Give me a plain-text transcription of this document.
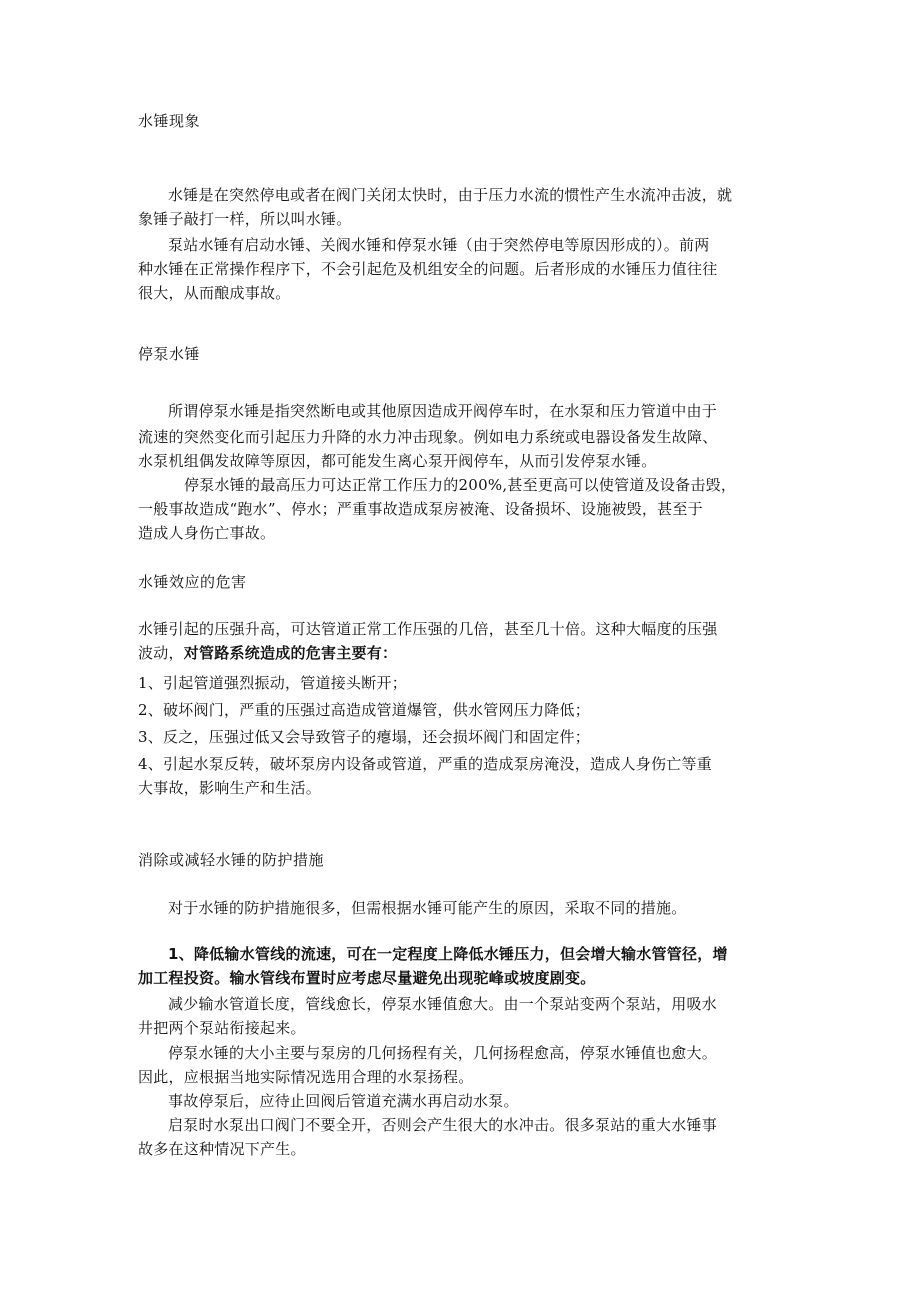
水锤现象
水锤是在突然停电或者在阀门关闭太快时，由于压力水流的惯性产生水流冲击波，就
象锤子敲打一样，所以叫水锤。
泵站水锤有启动水锤、关阀水锤和停泵水锤（由于突然停电等原因形成的）。前两
种水锤在正常操作程序下，不会引起危及机组安全的问题。后者形成的水锤压力值往往
很大，从而酿成事故。
停泵水锤
所谓停泵水锤是指突然断电或其他原因造成开阀停车时，在水泵和压力管道中由于
流速的突然变化而引起压力升降的水力冲击现象。例如电力系统或电器设备发生故障、
水泵机组偶发故障等原因，都可能发生离心泵开阀停车，从而引发停泵水锤。
停泵水锤的最高压力可达正常工作压力的200%,甚至更高可以使管道及设备击毁，
一般事故造成“跑水”、停水；严重事故造成泵房被淹、设备损坏、设施被毁，甚至于
造成人身伤亡事故。
水锤效应的危害
水锤引起的压强升高，可达管道正常工作压强的几倍，甚至几十倍。这种大幅度的压强
波动，对管路系统造成的危害主要有：
1、引起管道强烈振动，管道接头断开；
2、破坏阀门，严重的压强过高造成管道爆管，供水管网压力降低；
3、反之，压强过低又会导致管子的瘪塌，还会损坏阀门和固定件；
4、引起水泵反转，破坏泵房内设备或管道，严重的造成泵房淹没，造成人身伤亡等重
大事故，影响生产和生活。
消除或减轻水锤的防护措施
对于水锤的防护措施很多，但需根据水锤可能产生的原因，采取不同的措施。
1、降低输水管线的流速，可在一定程度上降低水锤压力，但会增大输水管管径，增
加工程投资。输水管线布置时应考虑尽量避免出现驼峰或坡度剧变。
减少输水管道长度，管线愈长，停泵水锤值愈大。由一个泵站变两个泵站，用吸水
井把两个泵站衔接起来。
停泵水锤的大小主要与泵房的几何扬程有关，几何扬程愈高，停泵水锤值也愈大。
因此，应根据当地实际情况选用合理的水泵扬程。
事故停泵后，应待止回阀后管道充满水再启动水泵。
启泵时水泵出口阀门不要全开，否则会产生很大的水冲击。很多泵站的重大水锤事
故多在这种情况下产生。
